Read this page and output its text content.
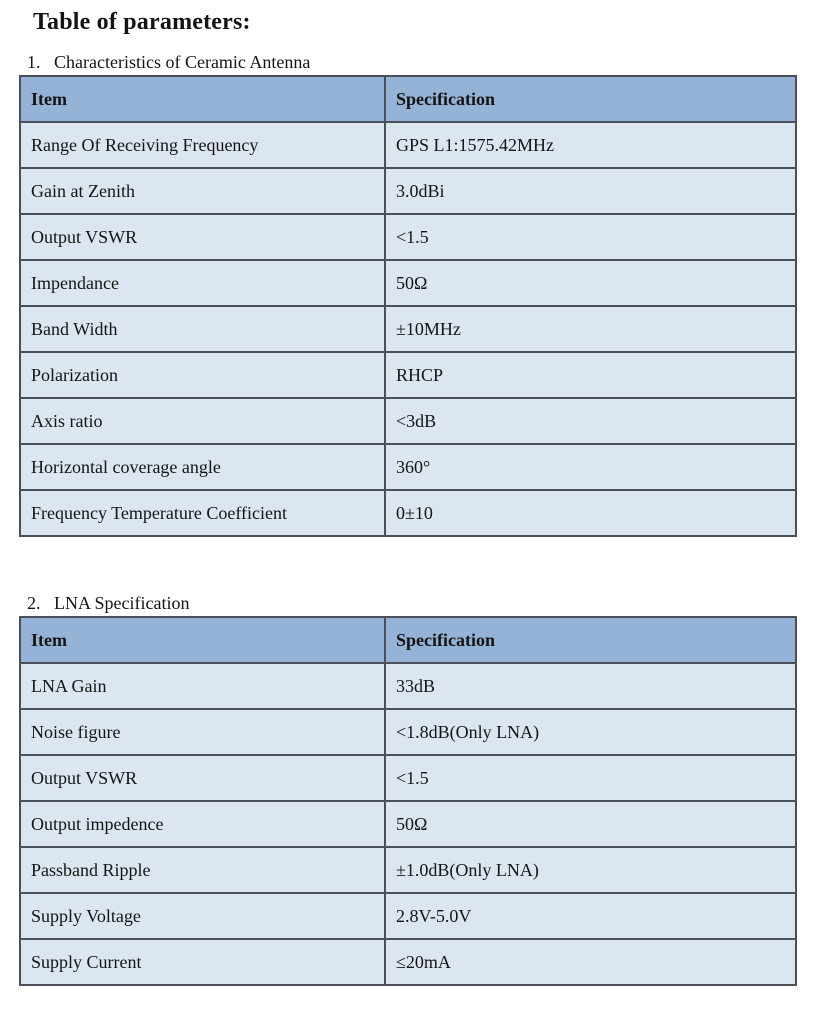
Table of parameters:

1.   Characteristics of Ceramic Antenna

Item	Specification
Range Of Receiving Frequency	GPS L1:1575.42MHz
Gain at Zenith	3.0dBi
Output VSWR	<1.5
Impendance	50Ω
Band Width	±10MHz
Polarization	RHCP
Axis ratio	<3dB
Horizontal coverage angle	360°
Frequency Temperature Coefficient	0±10

2.   LNA Specification

Item	Specification
LNA Gain	33dB
Noise figure	<1.8dB(Only LNA)
Output VSWR	<1.5
Output impedence	50Ω
Passband Ripple	±1.0dB(Only LNA)
Supply Voltage	2.8V-5.0V
Supply Current	≤20mA
